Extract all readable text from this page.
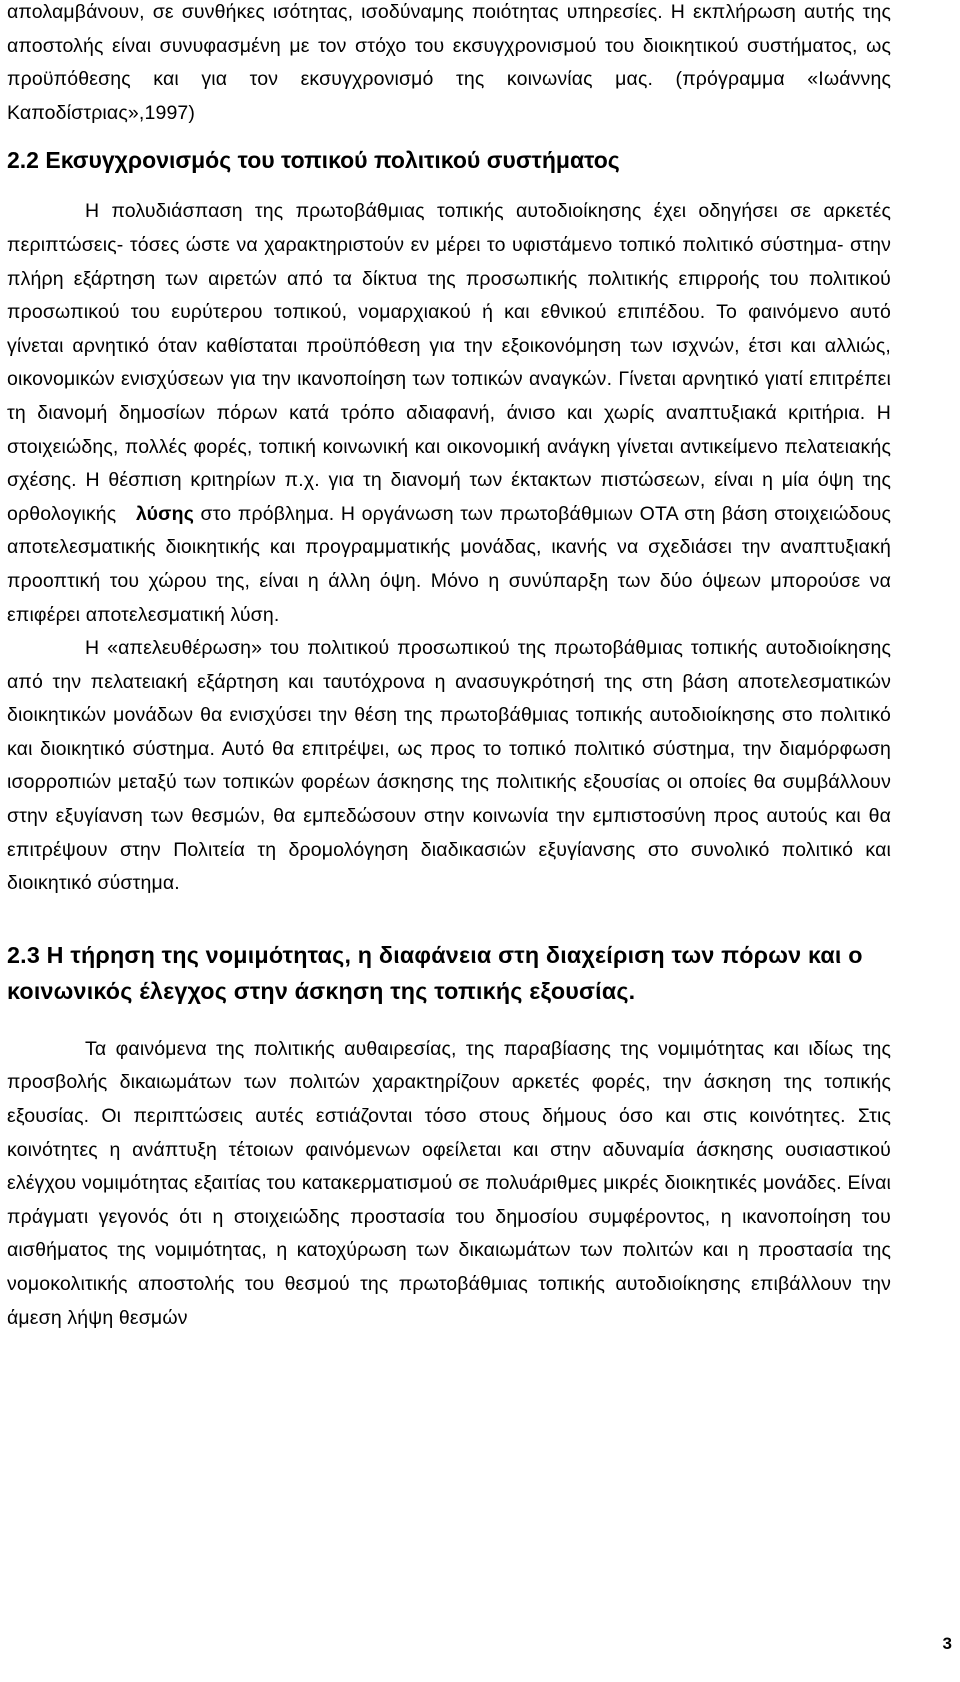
απολαμβάνουν, σε συνθήκες ισότητας, ισοδύναμης ποιότητας υπηρεσίες. Η εκπλήρωση αυτής της αποστολής είναι συνυφασμένη με τον στόχο του εκσυγχρονισμού του διοικητικού συστήματος, ως προϋπόθεσης και για τον εκσυγχρονισμό της κοινωνίας μας. (πρόγραμμα «Ιωάννης Καποδίστριας»,1997)

2.2 Εκσυγχρονισμός του τοπικού πολιτικού συστήματος

Η πολυδιάσπαση της πρωτοβάθμιας τοπικής αυτοδιοίκησης έχει οδηγήσει σε αρκετές περιπτώσεις- τόσες ώστε να χαρακτηριστούν εν μέρει το υφιστάμενο τοπικό πολιτικό σύστημα- στην πλήρη εξάρτηση των αιρετών από τα δίκτυα της προσωπικής πολιτικής επιρροής του πολιτικού προσωπικού του ευρύτερου τοπικού, νομαρχιακού ή και εθνικού επιπέδου. Το φαινόμενο αυτό γίνεται αρνητικό όταν καθίσταται προϋπόθεση για την εξοικονόμηση των ισχνών, έτσι και αλλιώς, οικονομικών ενισχύσεων για την ικανοποίηση των τοπικών αναγκών. Γίνεται αρνητικό γιατί επιτρέπει τη διανομή δημοσίων πόρων κατά τρόπο αδιαφανή, άνισο και χωρίς αναπτυξιακά κριτήρια. Η στοιχειώδης, πολλές φορές, τοπική κοινωνική και οικονομική ανάγκη γίνεται αντικείμενο πελατειακής σχέσης. Η θέσπιση κριτηρίων π.χ. για τη διανομή των έκτακτων πιστώσεων, είναι η μία όψη της ορθολογικής λύσης στο πρόβλημα. Η οργάνωση των πρωτοβάθμιων ΟΤΑ στη βάση στοιχειώδους αποτελεσματικής διοικητικής και προγραμματικής μονάδας, ικανής να σχεδιάσει την αναπτυξιακή προοπτική του χώρου της, είναι η άλλη όψη. Μόνο η συνύπαρξη των δύο όψεων μπορούσε να επιφέρει αποτελεσματική λύση.

Η «απελευθέρωση» του πολιτικού προσωπικού της πρωτοβάθμιας τοπικής αυτοδιοίκησης από την πελατειακή εξάρτηση και ταυτόχρονα η ανασυγκρότησή της στη βάση αποτελεσματικών διοικητικών μονάδων θα ενισχύσει την θέση της πρωτοβάθμιας τοπικής αυτοδιοίκησης στο πολιτικό και διοικητικό σύστημα. Αυτό θα επιτρέψει, ως προς το τοπικό πολιτικό σύστημα, την διαμόρφωση ισορροπιών μεταξύ των τοπικών φορέων άσκησης της πολιτικής εξουσίας οι οποίες θα συμβάλλουν στην εξυγίανση των θεσμών, θα εμπεδώσουν στην κοινωνία την εμπιστοσύνη προς αυτούς και θα επιτρέψουν στην Πολιτεία τη δρομολόγηση διαδικασιών εξυγίανσης στο συνολικό πολιτικό και διοικητικό σύστημα.

2.3 Η τήρηση της νομιμότητας, η διαφάνεια στη διαχείριση των πόρων και ο κοινωνικός έλεγχος στην άσκηση της τοπικής εξουσίας.

Τα φαινόμενα της πολιτικής αυθαιρεσίας, της παραβίασης της νομιμότητας και ιδίως της προσβολής δικαιωμάτων των πολιτών χαρακτηρίζουν αρκετές φορές, την άσκηση της τοπικής εξουσίας. Οι περιπτώσεις αυτές εστιάζονται τόσο στους δήμους όσο και στις κοινότητες. Στις κοινότητες η ανάπτυξη τέτοιων φαινόμενων οφείλεται και στην αδυναμία άσκησης ουσιαστικού ελέγχου νομιμότητας εξαιτίας του κατακερματισμού σε πολυάριθμες μικρές διοικητικές μονάδες. Είναι πράγματι γεγονός ότι η στοιχειώδης προστασία του δημοσίου συμφέροντος, η ικανοποίηση του αισθήματος της νομιμότητας, η κατοχύρωση των δικαιωμάτων των πολιτών και η προστασία της νομοκολιτικής αποστολής του θεσμού της πρωτοβάθμιας τοπικής αυτοδιοίκησης επιβάλλουν την άμεση λήψη θεσμών

3
